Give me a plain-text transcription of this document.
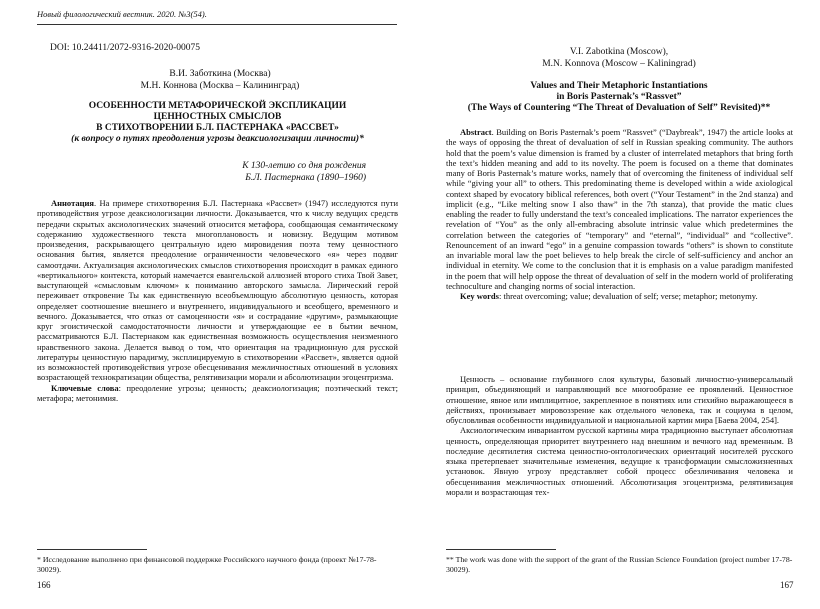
Новый филологический вестник. 2020. №3(54).
DOI: 10.24411/2072-9316-2020-00075
В.И. Заботкина (Москва)
М.Н. Коннова (Москва – Калининград)
ОСОБЕННОСТИ МЕТАФОРИЧЕСКОЙ ЭКСПЛИКАЦИИ
ЦЕННОСТНЫХ СМЫСЛОВ
В СТИХОТВОРЕНИИ Б.Л. ПАСТЕРНАКА «РАССВЕТ»
(к вопросу о путях преодоления угрозы деаксиологизации личности)*
К 130-летию со дня рождения
Б.Л. Пастернака (1890–1960)

Аннотация. На примере стихотворения Б.Л. Пастернака «Рассвет» (1947) исследуются пути противодействия угрозе деаксиологизации личности. Доказывается, что к числу ведущих средств передачи скрытых аксиологических значений относится метафора, сообщающая семантическому содержанию художественного текста многоплановость и новизну. Ведущим мотивом произведения, раскрывающего центральную идею мировидения поэта тему ценностного основания бытия, является преодоление ограниченности человеческого «я» через подвиг самоотдачи. Актуализация аксиологических смыслов стихотворения происходит в рамках единого «вертикального» контекста, который намечается евангельской аллюзией второго стиха Твой Завет, выступающей «смысловым ключом» к пониманию авторского замысла. Лирический герой переживает откровение Ты как единственную всеобъемлющую абсолютную ценность, которая определяет соотношение внешнего и внутреннего, индивидуального и всеобщего, временного и вечного. Доказывается, что отказ от самоценности «я» и сострадание «другим», размыкающие круг эгоистической самодостаточности личности и утверждающие ее в бытии вечном, рассматриваются Б.Л. Пастернаком как единственная возможность осуществления неизменного нравственного закона. Делается вывод о том, что ориентация на традиционную для русской литературы ценностную парадигму, эксплицируемую в стихотворении «Рассвет», является одной из возможностей противодействия угрозе обесценивания межличностных отношений в условиях возрастающей технократизации общества, релятивизации морали и абсолютизации эгоцентризма.

Ключевые слова: преодоление угрозы; ценность; деаксиологизация; поэтический текст; метафора; метонимия.

* Исследование выполнено при финансовой поддержке Российского научного фонда (проект №17-78-30029).
166
V.I. Zabotkina (Moscow),
M.N. Konnova (Moscow – Kaliningrad)
Values and Their Metaphoric Instantiations
in Boris Pasternak’s “Rassvet”
(The Ways of Countering “The Threat of Devaluation of Self” Revisited)**

Abstract. Building on Boris Pasternak’s poem “Rassvet” (“Daybreak”, 1947) the article looks at the ways of opposing the threat of devaluation of self in Russian speaking community. The authors hold that the poem’s value dimension is framed by a cluster of interrelated metaphors that bring forth the text’s hidden meaning and add to its novelty. The poem is focused on a theme that dominates many of Boris Pasternak’s mature works, namely that of overcoming the finiteness of individual self while “giving your all” to others. This predominating theme is developed within a wide axiological context shaped by evocatory biblical references, both overt (“Your Testament” in the 2nd stanza) and implicit (e.g., “Like melting snow I also thaw” in the 7th stanza), that provide the matic clues enabling the reader to fully understand the text’s concealed implications. The narrator experiences the revelation of “You” as the only all-embracing absolute intrinsic value which predetermines the correlation between the categories of “temporary” and “eternal”, “individual” and “collective”. Renouncement of an inward “ego” in a genuine compassion towards “others” is shown to constitute an invariable moral law the poet believes to help break the circle of self-sufficiency and anchor an individual in eternity. We come to the conclusion that it is emphasis on a value paradigm manifested in the poem that will help oppose the threat of devaluation of self in the modern world of proliferating technoculture and changing norms of social interaction.

Key words: threat overcoming; value; devaluation of self; verse; metaphor; metonymy.

Ценность – основание глубинного слоя культуры, базовый личностно-универсальный принцип, объединяющий и направляющий все многообразие ее проявлений. Ценностное отношение, явное или имплицитное, закрепленное в понятиях или стихийно выражающееся в действиях, пронизывает мировоззрение как отдельного человека, так и социума в целом, обусловливая особенности индивидуальной и национальной картин мира [Баева 2004, 254].

Аксиологическим инвариантом русской картины мира традиционно выступает абсолютная ценность, определяющая приоритет внутреннего над внешним и вечного над временным. В последние десятилетия система ценностно-онтологических ориентаций носителей русского языка претерпевает значительные изменения, ведущие к трансформации смысложизненных установок. Явную угрозу представляет собой процесс обезличивания человека и обесценивания межличностных отношений. Абсолютизация эгоцентризма, релятивизация морали и возрастающая тех-

** The work was done with the support of the grant of the Russian Science Foundation (project number 17-78-30029).
167
